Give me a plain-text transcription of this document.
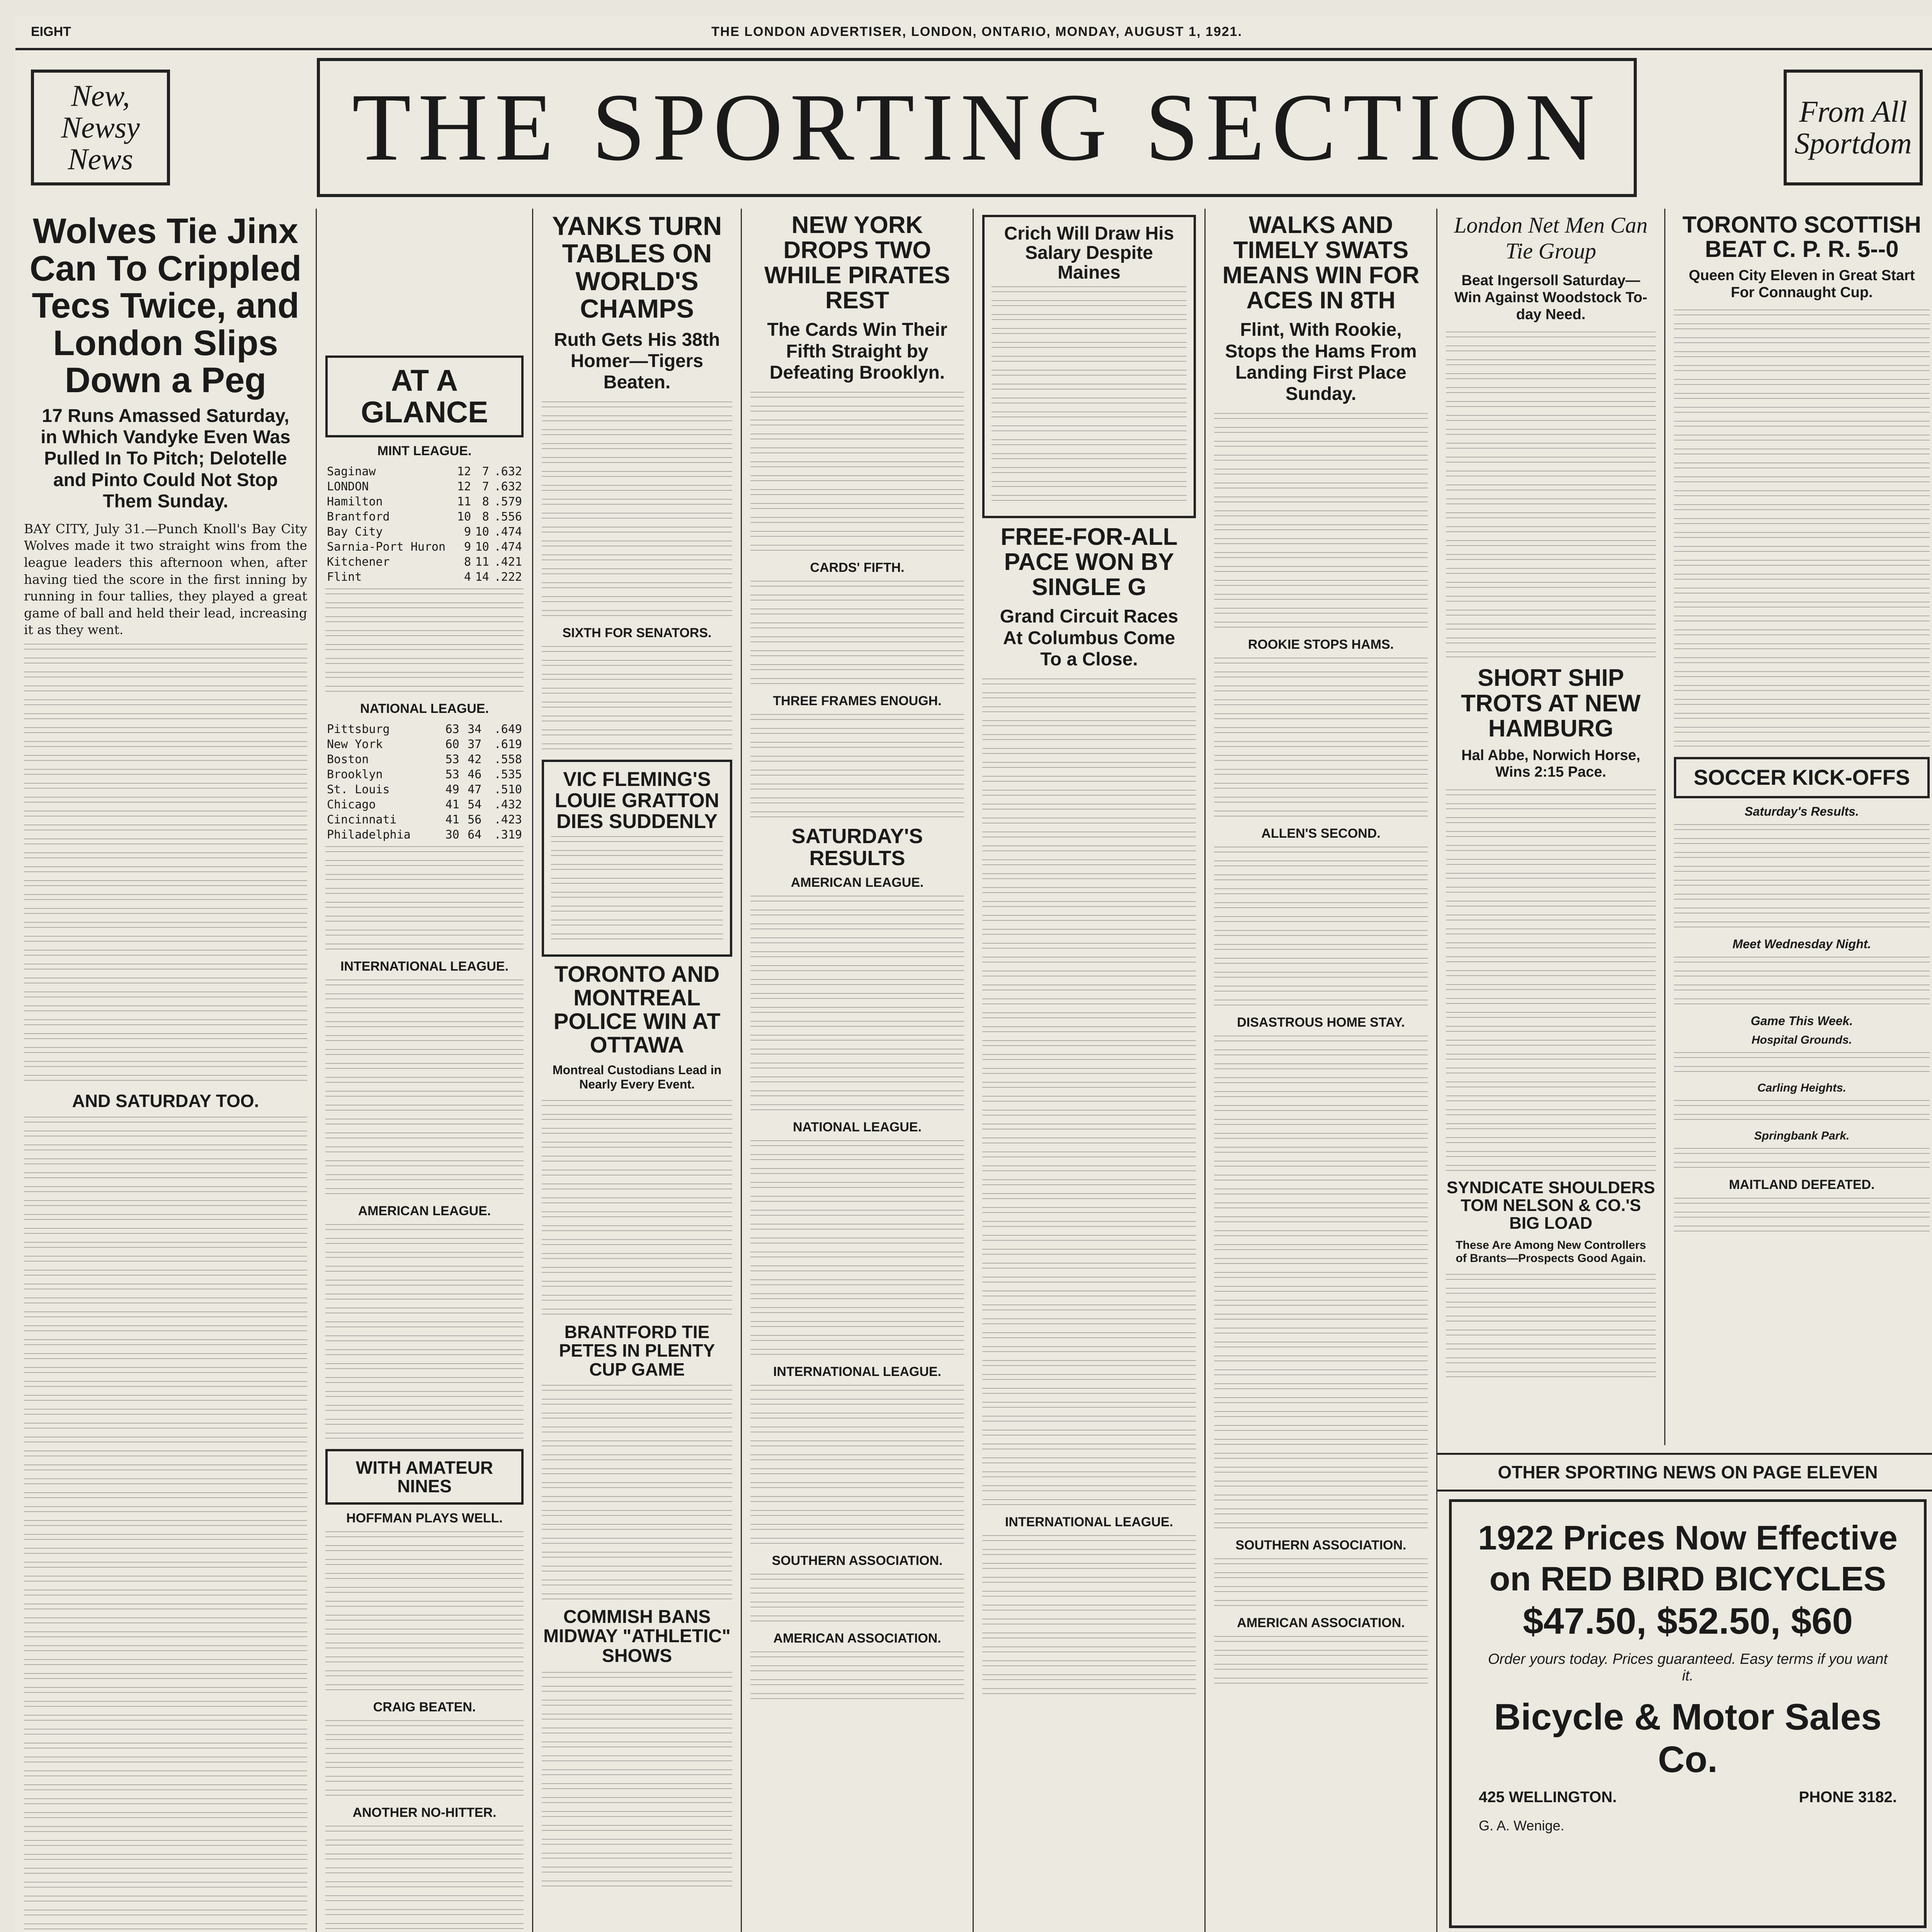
EIGHT	THE LONDON ADVERTISER, LONDON, ONTARIO, MONDAY, AUGUST 1, 1921.
New, Newsy News	THE SPORTING SECTION	From All Sportdom
Wolves Tie Jinx Can To Crippled Tecs Twice, and London Slips Down a Peg
17 Runs Amassed Saturday, in Which Vandyke Even Was Pulled In To Pitch; Delotelle and Pinto Could Not Stop Them Sunday.

BAY CITY, July 31.—Punch Knoll's Bay City Wolves made it two straight wins from the league leaders this afternoon when, after having tied the score in the first inning by running in four tallies, they played a great game of ball and held their lead, increasing it as they went.

AND SATURDAY TOO.
AT A GLANCE
MINT LEAGUE.
Saginaw	12	7	.632
LONDON	12	7	.632
Hamilton	11	8	.579
Brantford	10	8	.556
Bay City	9	10	.474
Sarnia-Port Huron	9	10	.474
Kitchener	8	11	.421
Flint	4	14	.222
NATIONAL LEAGUE.
Pittsburg	63	34	.649
New York	60	37	.619
Boston	53	42	.558
Brooklyn	53	46	.535
St. Louis	49	47	.510
Chicago	41	54	.432
Cincinnati	41	56	.423
Philadelphia	30	64	.319
INTERNATIONAL LEAGUE.
AMERICAN LEAGUE.
WITH AMATEUR NINES
HOFFMAN PLAYS WELL.
CRAIG BEATEN.
ANOTHER NO-HITTER.
YANKS TURN TABLES ON WORLD'S CHAMPS
Ruth Gets His 38th Homer—Tigers Beaten.
SIXTH FOR SENATORS.
VIC FLEMING'S LOUIE GRATTON DIES SUDDENLY
TORONTO AND MONTREAL POLICE WIN AT OTTAWA
Montreal Custodians Lead in Nearly Every Event.
BRANTFORD TIE PETES IN PLENTY CUP GAME
COMMISH BANS MIDWAY "ATHLETIC" SHOWS
NEW YORK DROPS TWO WHILE PIRATES REST
The Cards Win Their Fifth Straight by Defeating Brooklyn.
CARDS' FIFTH.
THREE FRAMES ENOUGH.
SATURDAY'S RESULTS
AMERICAN LEAGUE.
NATIONAL LEAGUE.
INTERNATIONAL LEAGUE.
SOUTHERN ASSOCIATION.
AMERICAN ASSOCIATION.
Crich Will Draw His Salary Despite Maines
FREE-FOR-ALL PACE WON BY SINGLE G
Grand Circuit Races At Columbus Come To a Close.
INTERNATIONAL LEAGUE.
WALKS AND TIMELY SWATS MEANS WIN FOR ACES IN 8TH
Flint, With Rookie, Stops the Hams From Landing First Place Sunday.
ROOKIE STOPS HAMS.
ALLEN'S SECOND.
DISASTROUS HOME STAY.
SOUTHERN ASSOCIATION.
AMERICAN ASSOCIATION.
London Net Men Can Tie Group
Beat Ingersoll Saturday—Win Against Woodstock To-day Need.
SHORT SHIP TROTS AT NEW HAMBURG
Hal Abbe, Norwich Horse, Wins 2:15 Pace.
SYNDICATE SHOULDERS TOM NELSON & CO.'S BIG LOAD
These Are Among New Controllers of Brants—Prospects Good Again.
TORONTO SCOTTISH BEAT C. P. R. 5--0
Queen City Eleven in Great Start For Connaught Cup.
SOCCER KICK-OFFS
Saturday's Results.
Meet Wednesday Night.
Game This Week.
Hospital Grounds.
Carling Heights.
Springbank Park.
MAITLAND DEFEATED.
OTHER SPORTING NEWS ON PAGE ELEVEN
1922 Prices Now Effective
on RED BIRD BICYCLES
$47.50, $52.50, $60
Order yours today. Prices guaranteed. Easy terms if you want it.
Bicycle & Motor Sales Co.
425 WELLINGTON.	PHONE 3182.
G. A. Wenige.
